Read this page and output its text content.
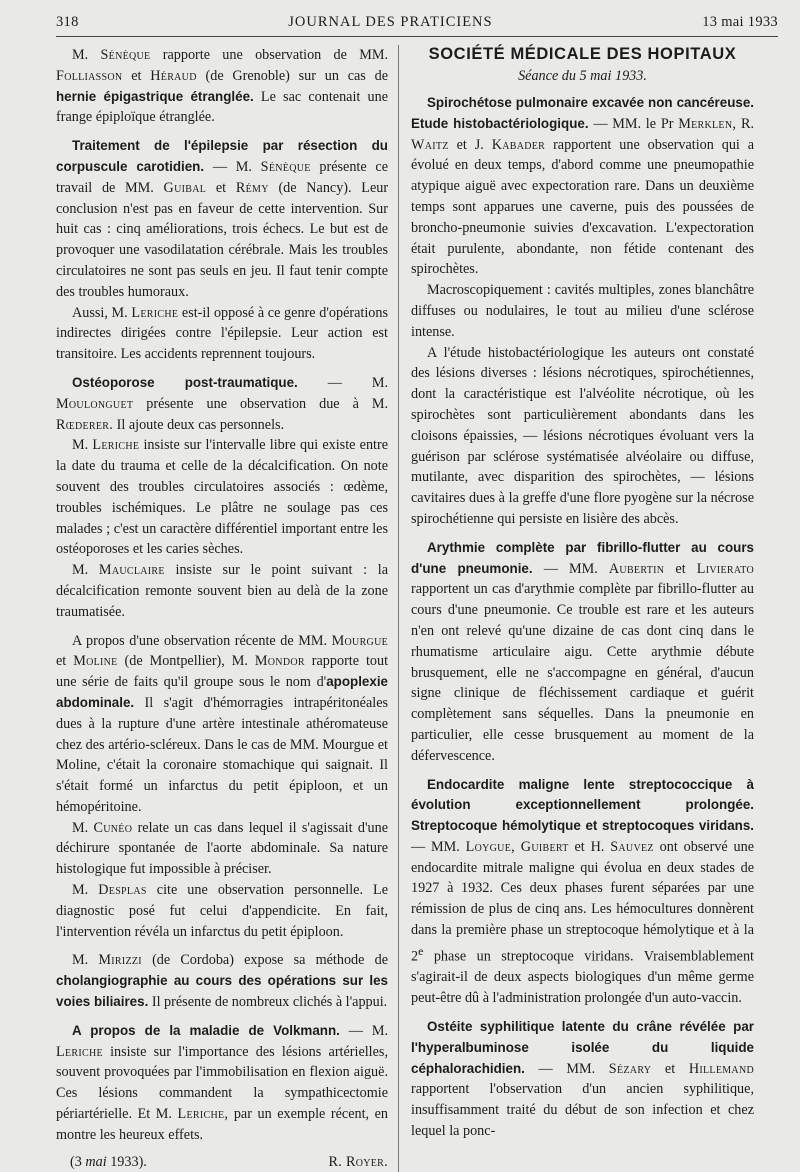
318	JOURNAL DES PRATICIENS	13 mai 1933

M. Sénèque rapporte une observation de MM. Folliasson et Héraud (de Grenoble) sur un cas de hernie épigastrique étranglée. Le sac contenait une frange épiploïque étranglée.

Traitement de l'épilepsie par résection du corpuscule carotidien. — M. Sénèque présente ce travail de MM. Guibal et Rémy (de Nancy). Leur conclusion n'est pas en faveur de cette intervention. Sur huit cas : cinq améliorations, trois échecs. Le but est de provoquer une vasodilatation cérébrale. Mais les troubles circulatoires ne sont pas seuls en jeu. Il faut tenir compte des troubles humoraux.

Aussi, M. Leriche est-il opposé à ce genre d'opérations indirectes dirigées contre l'épilepsie. Leur action est transitoire. Les accidents reprennent toujours.

Ostéoporose post-traumatique. — M. Moulonguet présente une observation due à M. Rœderer. Il ajoute deux cas personnels.

M. Leriche insiste sur l'intervalle libre qui existe entre la date du trauma et celle de la décalcification. On note souvent des troubles circulatoires associés : œdème, troubles ischémiques. Le plâtre ne soulage pas ces malades ; c'est un caractère différentiel important entre les ostéoporoses et les caries sèches.

M. Mauclaire insiste sur le point suivant : la décalcification remonte souvent bien au delà de la zone traumatisée.

A propos d'une observation récente de MM. Mourgue et Moline (de Montpellier), M. Mondor rapporte tout une série de faits qu'il groupe sous le nom d'apoplexie abdominale. Il s'agit d'hémorragies intrapéritonéales dues à la rupture d'une artère intestinale athéromateuse chez des artério-scléreux. Dans le cas de MM. Mourgue et Moline, c'était la coronaire stomachique qui saignait. Il s'était formé un infarctus du petit épiploon, et un hémopéritoine.

M. Cunéo relate un cas dans lequel il s'agissait d'une déchirure spontanée de l'aorte abdominale. Sa nature histologique fut impossible à préciser.

M. Desplas cite une observation personnelle. Le diagnostic posé fut celui d'appendicite. En fait, l'intervention révéla un infarctus du petit épiploon.

M. Mirizzi (de Cordoba) expose sa méthode de cholangiographie au cours des opérations sur les voies biliaires. Il présente de nombreux clichés à l'appui.

A propos de la maladie de Volkmann. — M. Leriche insiste sur l'importance des lésions artérielles, souvent provoquées par l'immobilisation en flexion aiguë. Ces lésions commandent la sympathicectomie périartérielle. Et M. Leriche, par un exemple récent, en montre les heureux effets.

(3 mai 1933).	R. Royer.
SOCIÉTÉ MÉDICALE DES HOPITAUX
Séance du 5 mai 1933.

Spirochétose pulmonaire excavée non cancéreuse. Etude histobactériologique. — MM. le Pr Merklen, R. Waitz et J. Kabader rapportent une observation qui a évolué en deux temps, d'abord comme une pneumopathie atypique aiguë avec expectoration rare. Dans un deuxième temps sont apparues une caverne, puis des poussées de broncho-pneumonie suivies d'excavation. L'expectoration était purulente, abondante, non fétide contenant des spirochètes.

Macroscopiquement : cavités multiples, zones blanchâtre diffuses ou nodulaires, le tout au milieu d'une sclérose intense.

A l'étude histobactériologique les auteurs ont constaté des lésions diverses : lésions nécrotiques, spirochétiennes, dont la caractéristique est l'alvéolite nécrotique, où les spirochètes sont particulièrement abondants dans les cloisons épaissies, — lésions nécrotiques évoluant vers la guérison par sclérose systématisée alvéolaire ou diffuse, mutilante, avec disparition des spirochètes, — lésions cavitaires dues à la greffe d'une flore pyogène sur la nécrose spirochétienne qui persiste en lisière des abcès.

Arythmie complète par fibrillo-flutter au cours d'une pneumonie. — MM. Aubertin et Livierato rapportent un cas d'arythmie complète par fibrillo-flutter au cours d'une pneumonie. Ce trouble est rare et les auteurs n'en ont relevé qu'une dizaine de cas dont cinq dans le rhumatisme articulaire aigu. Cette arythmie débute brusquement, elle ne s'accompagne en général, d'aucun signe clinique de fléchissement cardiaque et guérit complètement sans séquelles. Dans la pneumonie en particulier, elle cesse brusquement au moment de la défervescence.

Endocardite maligne lente streptococcique à évolution exceptionnellement prolongée. Streptocoque hémolytique et streptocoques viridans. — MM. Loygue, Guibert et H. Sauvez ont observé une endocardite mitrale maligne qui évolua en deux stades de 1927 à 1932. Ces deux phases furent séparées par une rémission de plus de cinq ans. Les hémocultures donnèrent dans la première phase un streptocoque hémolytique et à la 2e phase un streptocoque viridans. Vraisemblablement s'agirait-il de deux aspects biologiques d'un même germe peut-être dû à l'administration prolongée d'un auto-vaccin.

Ostéite syphilitique latente du crâne révélée par l'hyperalbuminose isolée du liquide céphalorachidien. — MM. Sézary et Hillemand rapportent l'observation d'un ancien syphilitique, insuffisamment traité du début de son infection et chez lequel la ponc-
